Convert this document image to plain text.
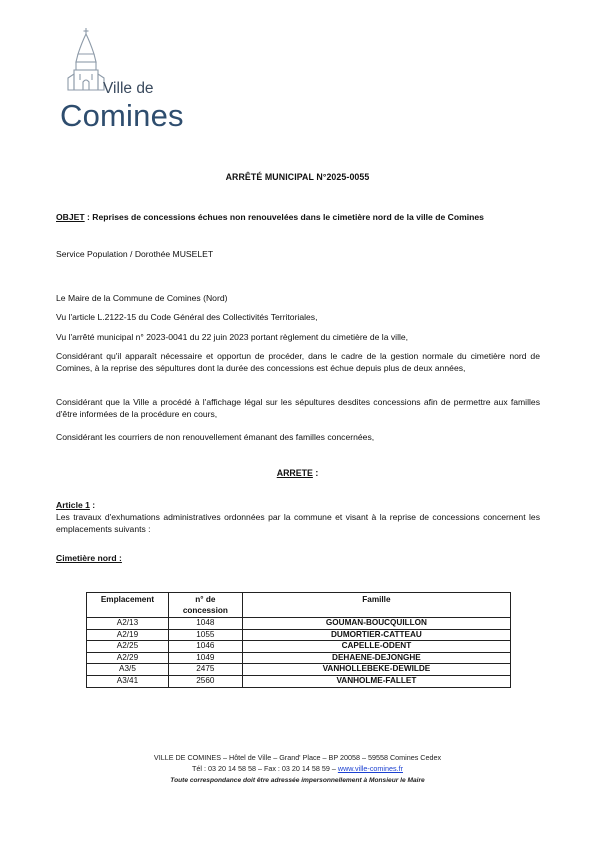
Ville de
Comines
ARRÊTÉ MUNICIPAL N°2025-0055
OBJET : Reprises de concessions échues non renouvelées dans le cimetière nord de la ville de Comines
Service Population / Dorothée MUSELET
Le Maire de la Commune de Comines (Nord)
Vu l'article L.2122-15 du Code Général des Collectivités Territoriales,
Vu l'arrêté municipal n° 2023-0041 du 22 juin 2023 portant règlement du cimetière de la ville,
Considérant qu'il apparaît nécessaire et opportun de procéder, dans le cadre de la gestion normale du cimetière nord de Comines, à la reprise des sépultures dont la durée des concessions est échue depuis plus de deux années,
Considérant que la Ville a procédé à l'affichage légal sur les sépultures desdites concessions afin de permettre aux familles d'être informées de la procédure en cours,
Considérant les courriers de non renouvellement émanant des familles concernées,
ARRETE :
Article 1 :
Les travaux d'exhumations administratives ordonnées par la commune et visant à la reprise de concessions concernent les emplacements suivants :
Cimetière nord :
Emplacement	n° de concession	Famille
A2/13	1048	GOUMAN-BOUCQUILLON
A2/19	1055	DUMORTIER-CATTEAU
A2/25	1046	CAPELLE-ODENT
A2/29	1049	DEHAENE-DEJONGHE
A3/5	2475	VANHOLLEBEKE-DEWILDE
A3/41	2560	VANHOLME-FALLET
VILLE DE COMINES – Hôtel de Ville – Grand' Place – BP 20058 – 59558 Comines Cedex
Tél : 03 20 14 58 58 – Fax : 03 20 14 58 59 – www.ville-comines.fr
Toute correspondance doit être adressée impersonnellement à Monsieur le Maire
